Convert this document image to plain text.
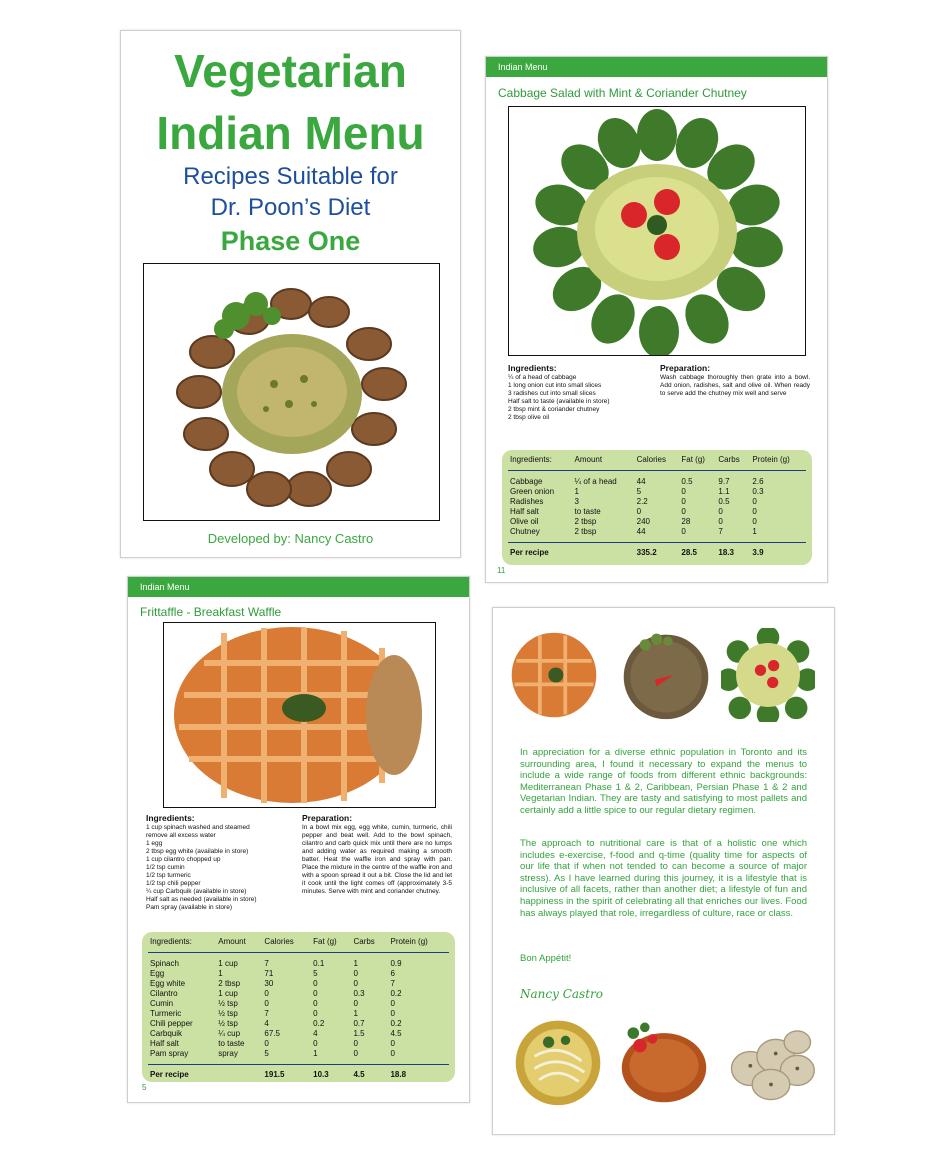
Vegetarian
Indian Menu
Recipes Suitable for
Dr. Poon’s Diet
Phase One
Developed by: Nancy Castro
Indian Menu
Cabbage Salad with Mint & Coriander Chutney
Ingredients:
¼ of a head of cabbage
1 long onion cut into small slices
3 radishes cut into small slices
Half salt to taste (available in store)
2 tbsp mint & coriander chutney
2 tbsp olive oil
Preparation:
Wash cabbage thoroughly then grate into a bowl. Add onion, radishes, salt and olive oil. When ready to serve add the chutney mix well and serve
Ingredients:	Amount	Calories	Fat (g)	Carbs	Protein (g)

Cabbage	¼ of a head	44	0.5	9.7	2.6
Green onion	1	5	0	1.1	0.3
Radishes	3	2.2	0	0.5	0
Half salt	to taste	0	0	0	0
Olive oil	2 tbsp	240	28	0	0
Chutney	2 tbsp	44	0	7	1

Per recipe		335.2	28.5	18.3	3.9
11
Indian Menu
Frittaffle - Breakfast Waffle
Ingredients:
1 cup spinach washed and steamed
remove all excess water
1 egg
2 tbsp egg white (available in store)
1 cup cilantro chopped up
1/2 tsp cumin
1/2 tsp turmeric
1/2 tsp chili pepper
¼ cup Carbquik (available in store)
Half salt as needed (available in store)
Pam spray (available in store)
Preparation:
In a bowl mix egg, egg white, cumin, turmeric, chili pepper and beat well. Add to the bowl spinach, cilantro and carb quick mix until there are no lumps and adding water as required making a smooth batter. Heat the waffle iron and spray with pan. Place the mixture in the centre of the waffle iron and with a spoon spread it out a bit. Close the lid and let it cook until the light comes off (approximately 3-5 minutes. Serve with mint and coriander chutney.
Ingredients:	Amount	Calories	Fat (g)	Carbs	Protein (g)

Spinach	1 cup	7	0.1	1	0.9
Egg	1	71	5	0	6
Egg white	2 tbsp	30	0	0	7
Cilantro	1 cup	0	0	0.3	0.2
Cumin	½ tsp	0	0	0	0
Turmeric	½ tsp	7	0	1	0
Chili pepper	½ tsp	4	0.2	0.7	0.2
Carbquik	¼ cup	67.5	4	1.5	4.5
Half salt	to taste	0	0	0	0
Pam spray	spray	5	1	0	0

Per recipe		191.5	10.3	4.5	18.8
5
In appreciation for a diverse ethnic population in Toronto and its surrounding area, I found it necessary to expand the menus to include a wide range of foods from different ethnic backgrounds: Mediterranean Phase 1 & 2, Caribbean, Persian Phase 1 & 2 and Vegetarian Indian. They are tasty and satisfying to most pallets and certainly add a little spice to our regular dietary regimen.
The approach to nutritional care is that of a holistic one which includes e-exercise, f-food and q-time (quality time for aspects of our life that if when not tended to can become a source of major stress). As I have learned during this journey, it is a lifestyle that is inclusive of all facets, rather than another diet; a lifestyle of fun and happiness in the spirit of celebrating all that enriches our lives. Food has always played that role, irregardless of culture, race or class.
Bon Appétit!
Nancy Castro
